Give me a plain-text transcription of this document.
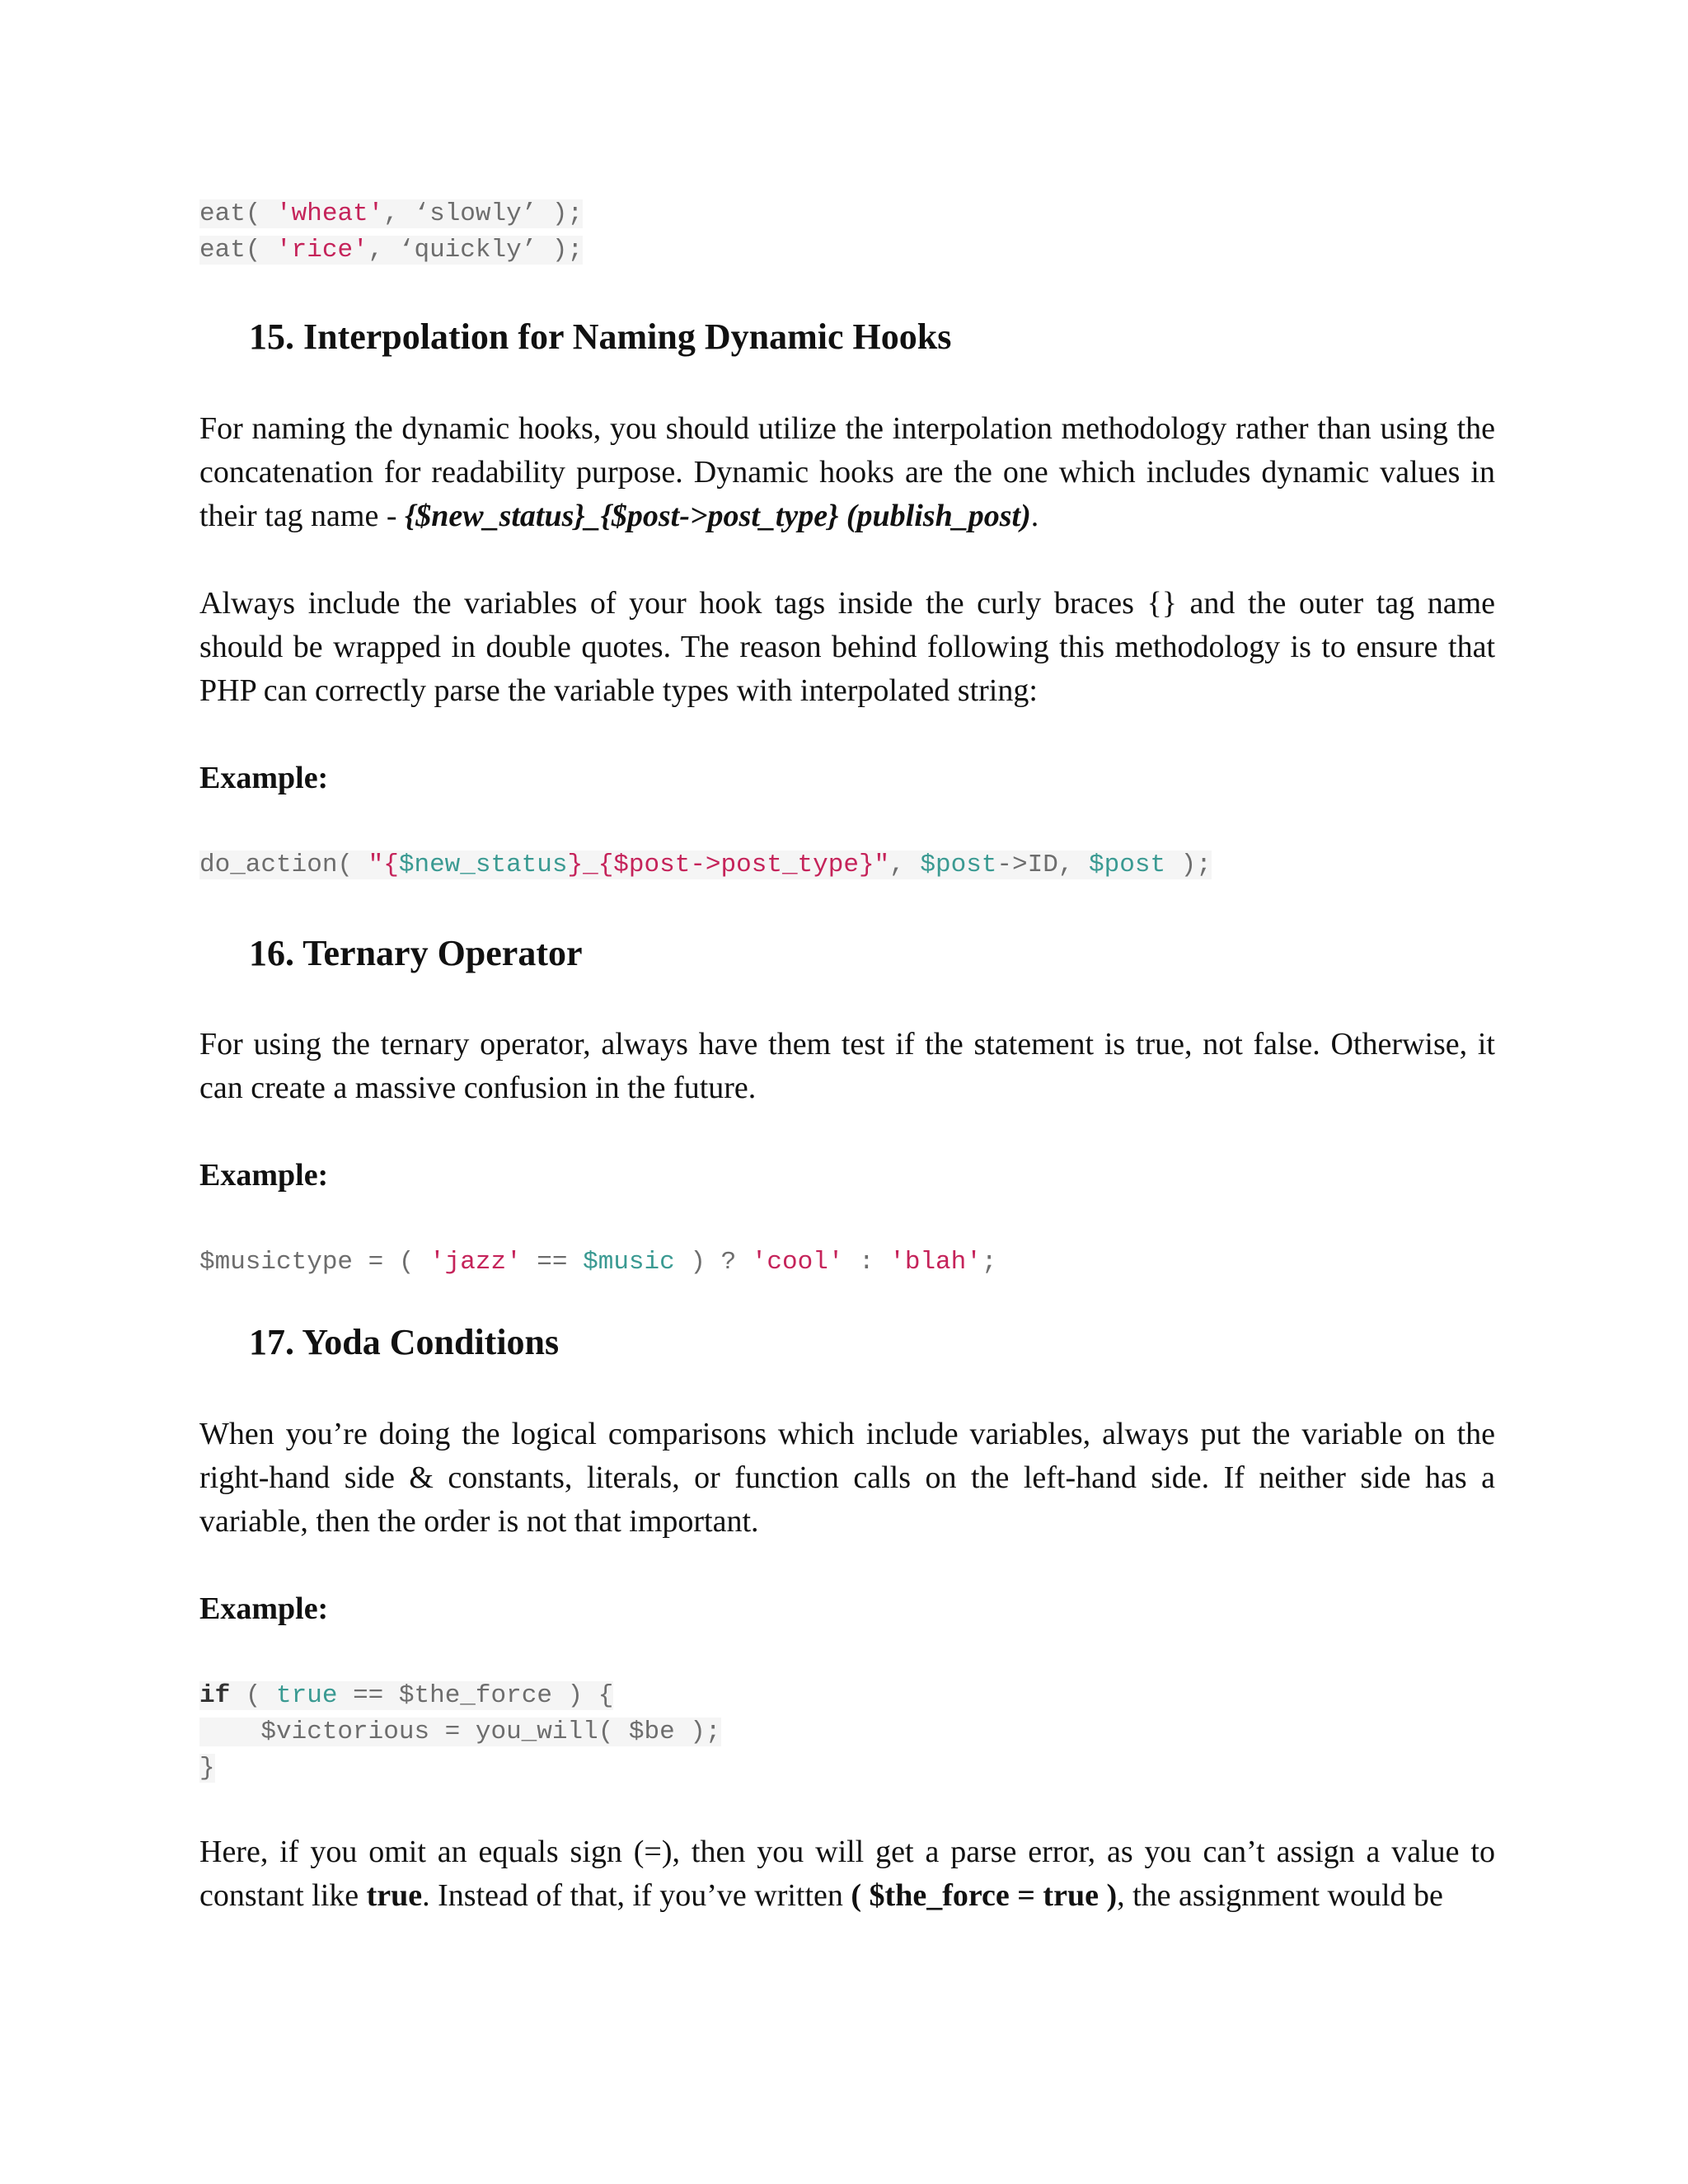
eat( 'wheat', ‘slowly’ );
eat( 'rice', ‘quickly’ );
15. Interpolation for Naming Dynamic Hooks
For naming the dynamic hooks, you should utilize the interpolation methodology rather than using the concatenation for readability purpose. Dynamic hooks are the one which includes dynamic values in their tag name - {$new_status}_{$post->post_type} (publish_post).
Always include the variables of your hook tags inside the curly braces {} and the outer tag name should be wrapped in double quotes. The reason behind following this methodology is to ensure that PHP can correctly parse the variable types with interpolated string:
Example:
do_action( "{$new_status}_{$post->post_type}", $post->ID, $post );
16. Ternary Operator
For using the ternary operator, always have them test if the statement is true, not false. Otherwise, it can create a massive confusion in the future.
Example:
$musictype = ( 'jazz' == $music ) ? 'cool' : 'blah';
17. Yoda Conditions
When you’re doing the logical comparisons which include variables, always put the variable on the right-hand side & constants, literals, or function calls on the left-hand side. If neither side has a variable, then the order is not that important.
Example:
if ( true == $the_force ) {
$victorious = you_will( $be );
}
Here, if you omit an equals sign (=), then you will get a parse error, as you can’t assign a value to constant like true. Instead of that, if you’ve written ( $the_force = true ), the assignment would be
